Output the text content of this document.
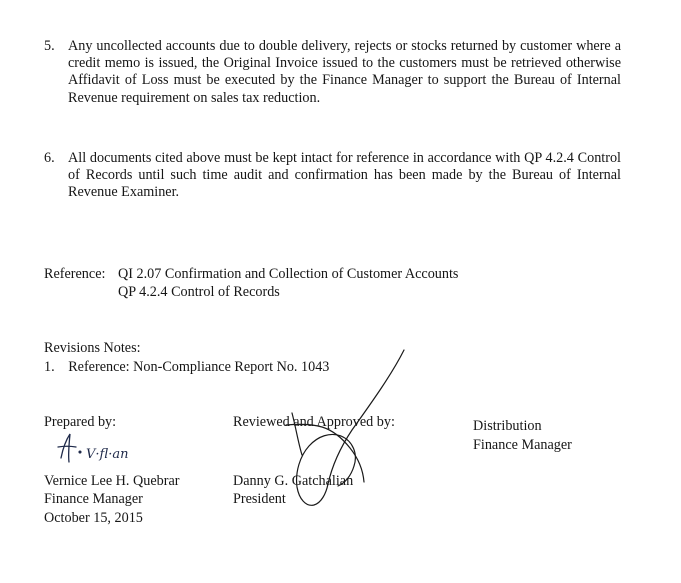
5. Any uncollected accounts due to double delivery, rejects or stocks returned by customer where a credit memo is issued, the Original Invoice issued to the customers must be retrieved otherwise Affidavit of Loss must be executed by the Finance Manager to support the Bureau of Internal Revenue requirement on sales tax reduction.
6. All documents cited above must be kept intact for reference in accordance with QP 4.2.4 Control of Records until such time audit and confirmation has been made by the Bureau of Internal Revenue Examiner.
Reference: QI 2.07 Confirmation and Collection of Customer Accounts
QP 4.2.4 Control of Records
Revisions Notes:
1. Reference: Non-Compliance Report No. 1043
Prepared by:
Vernice Lee H. Quebrar
Finance Manager
October 15, 2015
Reviewed and Approved by:
Danny G. Gatchalian
President
Distribution
Finance Manager
V·fl·an
